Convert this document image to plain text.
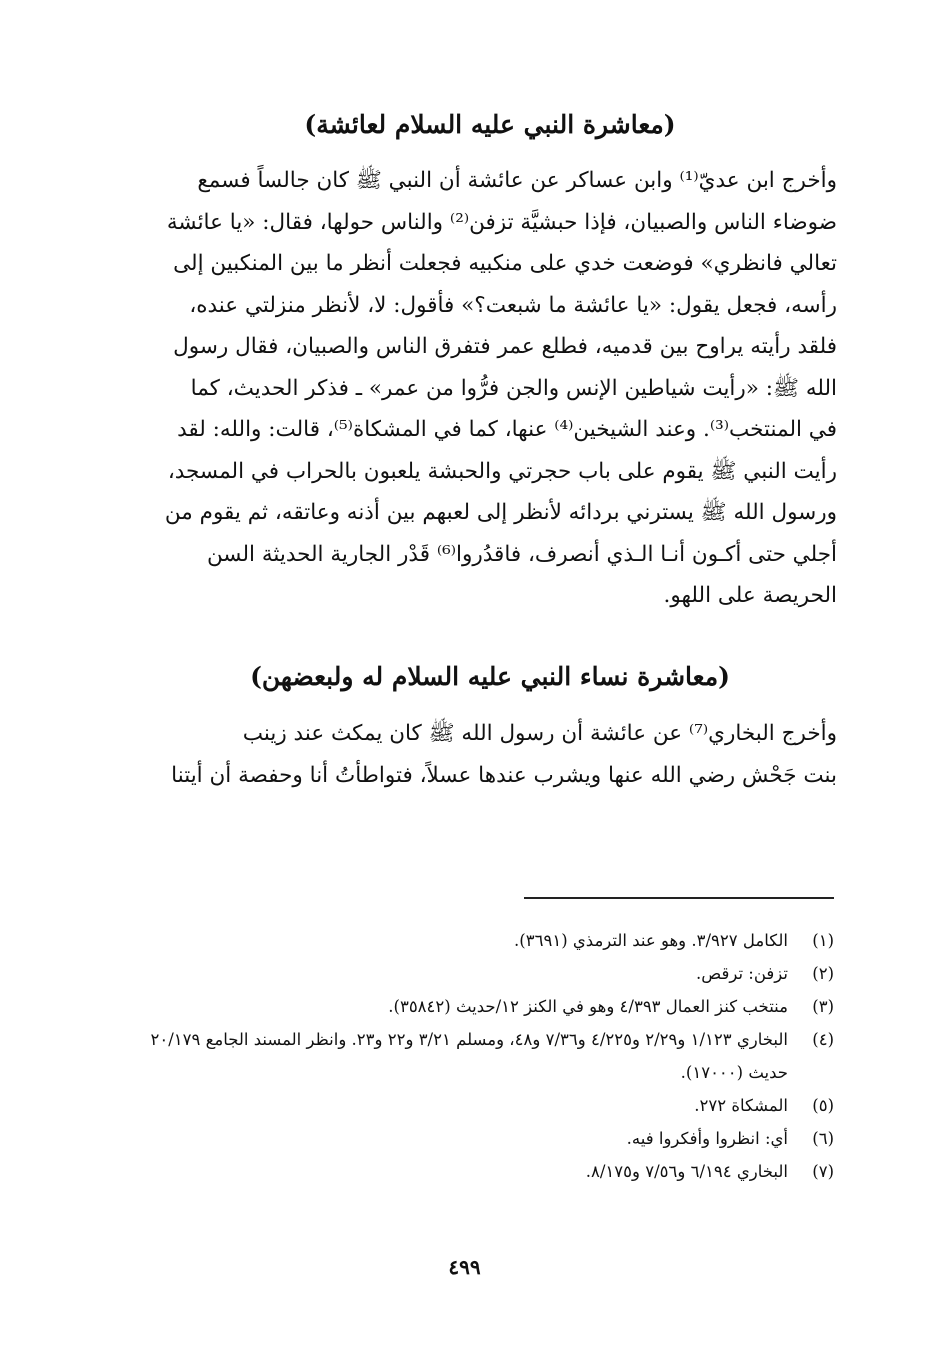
(معاشرة النبي عليه السلام لعائشة)
وأخرج ابن عديّ⁽¹⁾ وابن عساكر عن عائشة أن النبي ﷺ كان جالساً فسمع
ضوضاء الناس والصبيان، فإذا حبشيَّة تزفن⁽²⁾ والناس حولها، فقال: «يا عائشة
تعالي فانظري» فوضعت خدي على منكبيه فجعلت أنظر ما بين المنكبين إلى
رأسه، فجعل يقول: «يا عائشة ما شبعت؟» فأقول: لا، لأنظر منزلتي عنده،
فلقد رأيته يراوح بين قدميه، فطلع عمر فتفرق الناس والصبيان، فقال رسول
الله ﷺ: «رأيت شياطين الإنس والجن فرُّوا من عمر» ـ فذكر الحديث، كما
في المنتخب⁽³⁾. وعند الشيخين⁽⁴⁾ عنها، كما في المشكاة⁽⁵⁾، قالت: والله: لقد
رأيت النبي ﷺ يقوم على باب حجرتي والحبشة يلعبون بالحراب في المسجد،
ورسول الله ﷺ يسترني بردائه لأنظر إلى لعبهم بين أذنه وعاتقه، ثم يقوم من
أجلي حتى أكـون أنـا الـذي أنصرف، فاقدُروا⁽⁶⁾ قَدْر الجارية الحديثة السن
الحريصة على اللهو.
(معاشرة نساء النبي عليه السلام له ولبعضهن)
وأخرج البخاري⁽⁷⁾ عن عائشة أن رسول الله ﷺ كان يمكث عند زينب
بنت جَحْش رضي الله عنها ويشرب عندها عسلاً، فتواطأتُ أنا وحفصة أن أيتنا
(١)
الكامل ٣/٩٢٧. وهو عند الترمذي (٣٦٩١).
(٢)
تزفن: ترقص.
(٣)
منتخب كنز العمال ٤/٣٩٣ وهو في الكنز ١٢/حديث (٣٥٨٤٢).
(٤)
البخاري ١/١٢٣ و٢/٢٩ و٤/٢٢٥ و٧/٣٦ و٤٨، ومسلم ٣/٢١ و٢٢ و٢٣. وانظر المسند الجامع ٢٠/١٧٩ حديث (١٧٠٠٠).
(٥)
المشكاة ٢٧٢.
(٦)
أي: انظروا وأفكروا فيه.
(٧)
البخاري ٦/١٩٤ و٧/٥٦ و٨/١٧٥.
٤٩٩
